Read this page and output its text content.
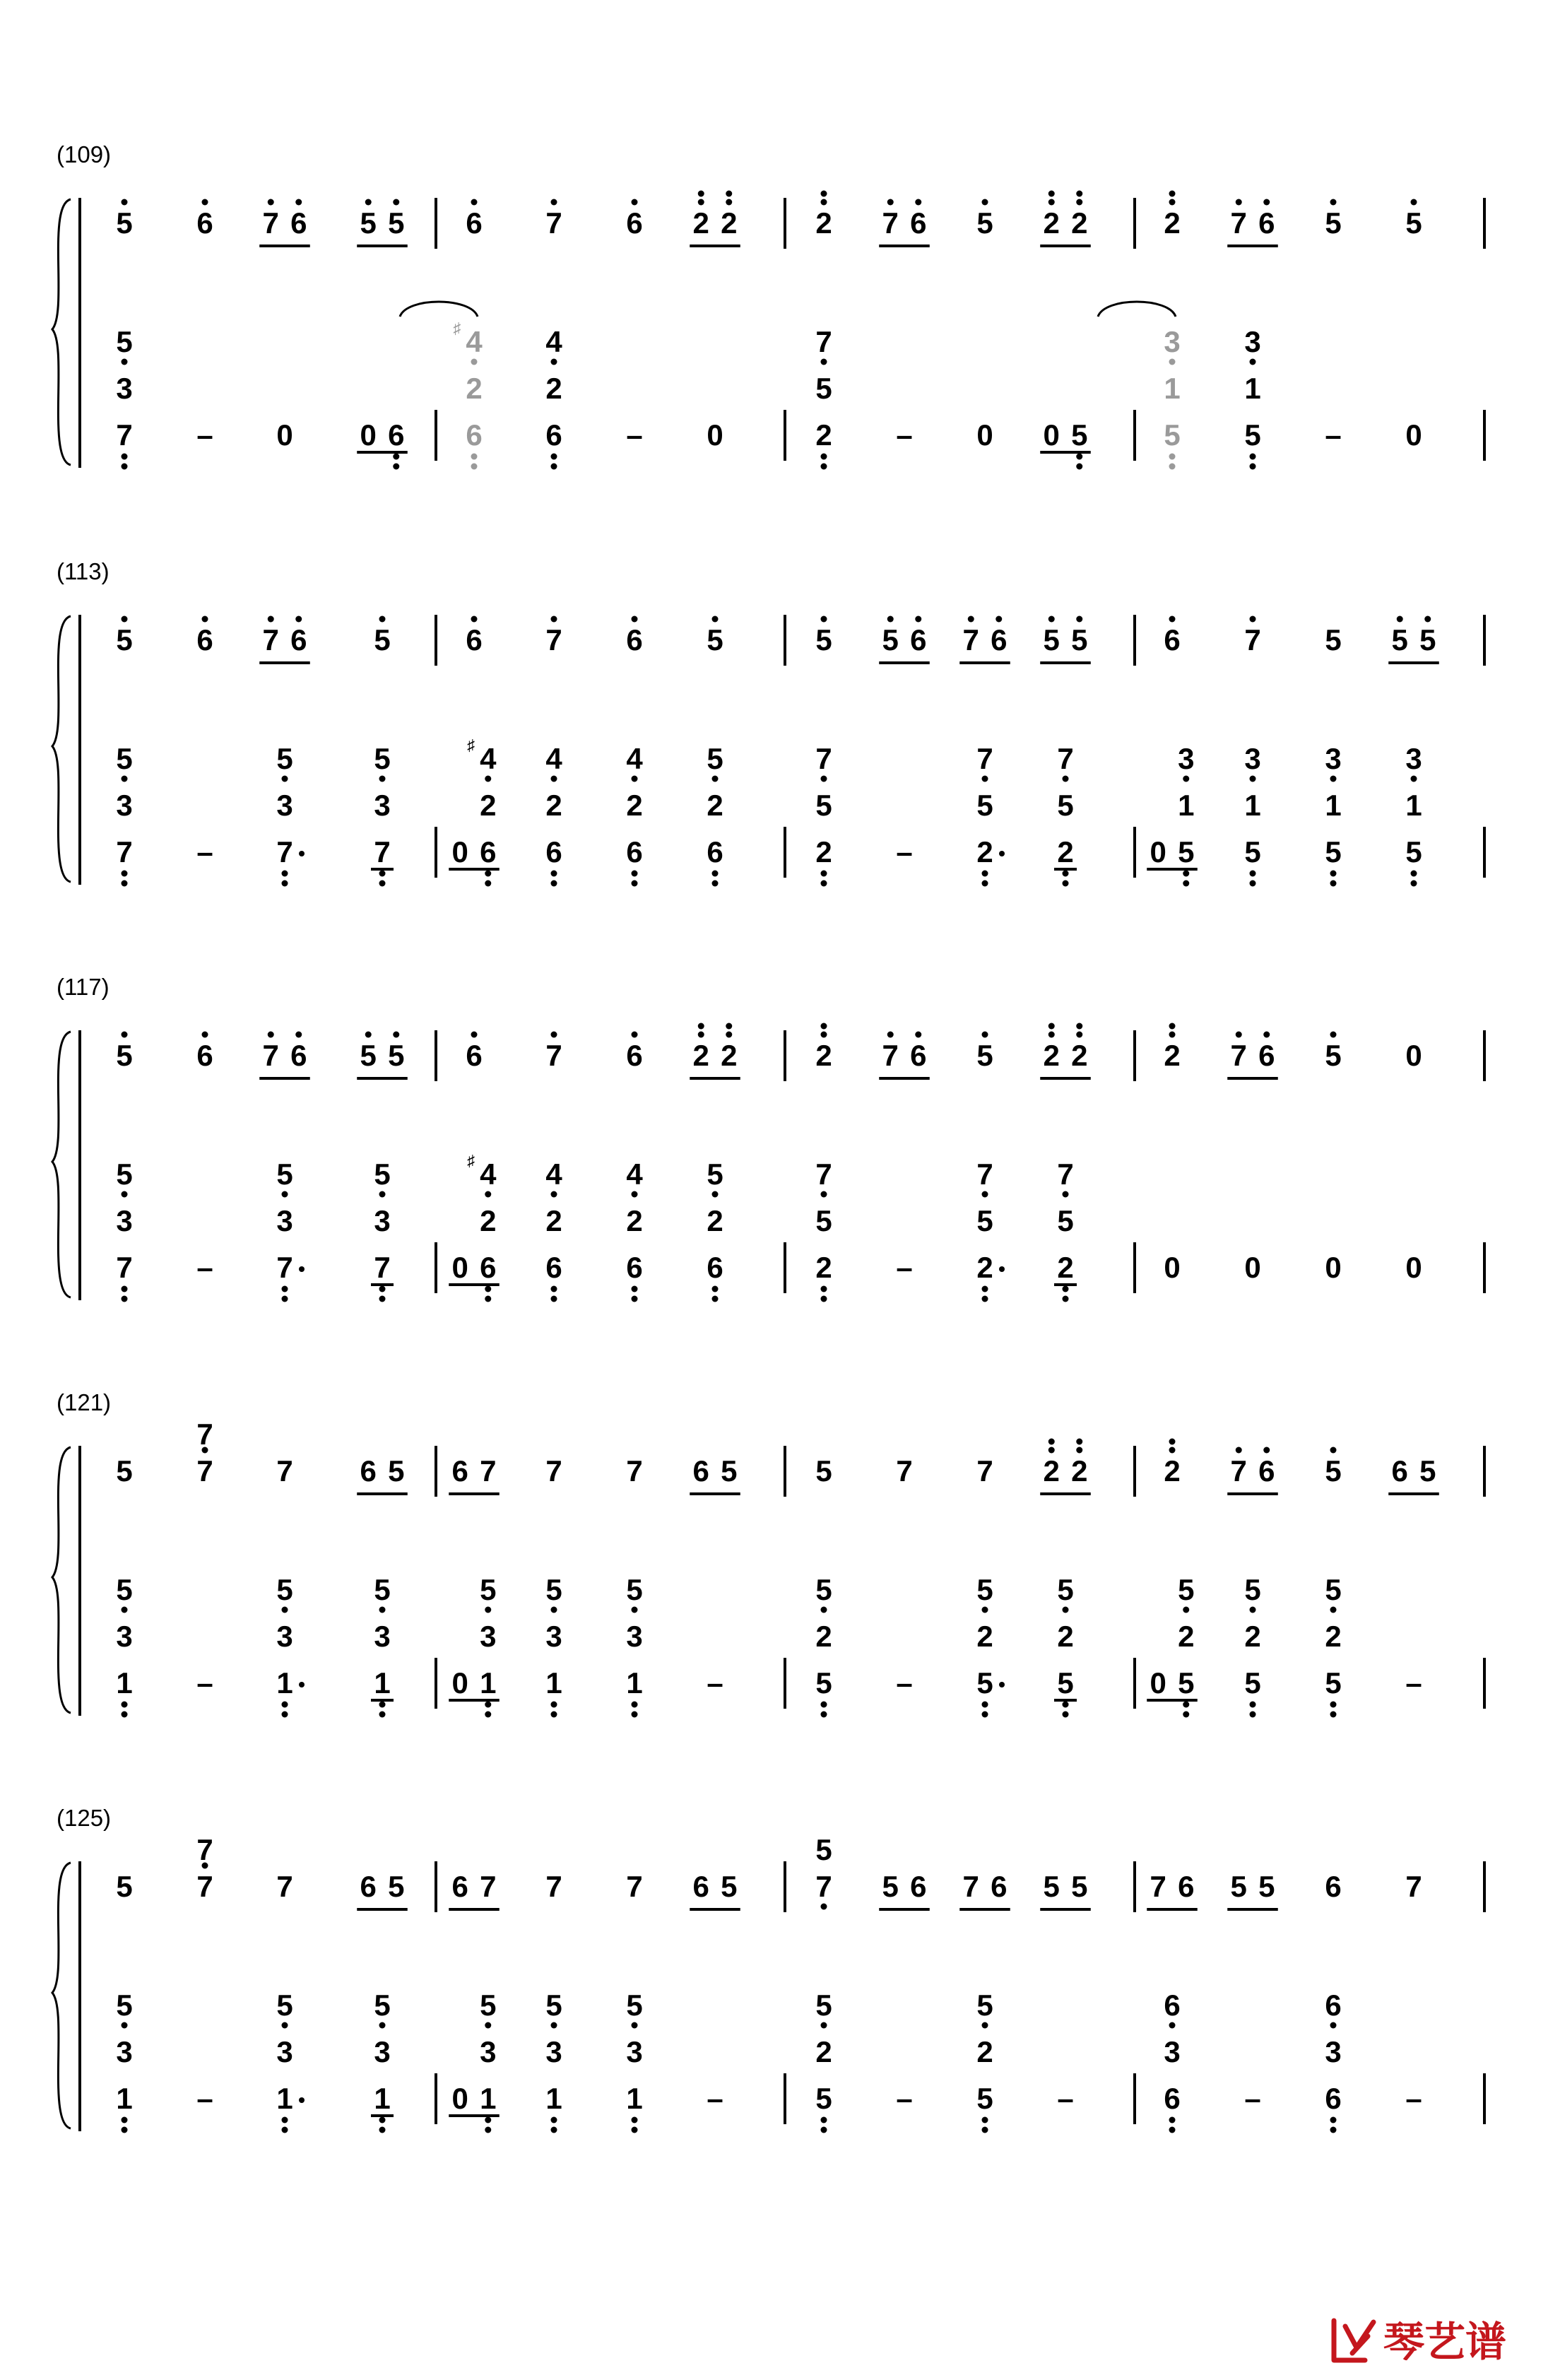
(109)
5 6 7 6 5 5 6 7 6 2 2	2 7 6 5 2 2	2 7 6 5 5
5
3
7 – 0 0 6
4
♯
2
6
4
2
6 – 0
7
5
2 – 0 0 5
3
1
5
3
1
5 – 0
(113)
5 6 7 6 5	6 7 6 5	5 5 6 7 6 5 5	6 7 5 5 5
5
3
7 –
5
3
7
5
3
7 0
4
♯
2
6
4
2
6
4
2
6
5
2
6
7
5
2 –
7
5
2
7
5
2	0
3
1
5
3
1
5
3
1
5
3
1
5
(117)
5 6 7 6 5 5 6 7 6 2 2	2 7 6 5 2 2	2 7 6 5 0
5
3
7 –
5
3
7
5
3
7 0
4
♯
2
6
4
2
6
4
2
6
5
2
6
7
5
2 –
7
5
2
7
5
2	0 0 0 0
(121)
5 7
7
7 6 5 6 7 7 7 6 5	5 7 7 2 2	2 7 6 5 6 5
5
3
1 –
5
3
1
5
3
1 0
5
3
1
5
3
1
5
3
1 –
5
2
5 –
5
2
5
5
2
5	0
5
2
5
5
2
5
5
2
5 –
(125)
5 7
7
7 6 5 6 7 7 7 6 5	7
5
5 6 7 6 5 5 7 6 5 5 6 7
5
3
1 –
5
3
1
5
3
1 0
5
3
1
5
3
1
5
3
1 –
5
2
5 –
5
2
5 –
6
3
6 –
6
3
6 –
琴艺谱
